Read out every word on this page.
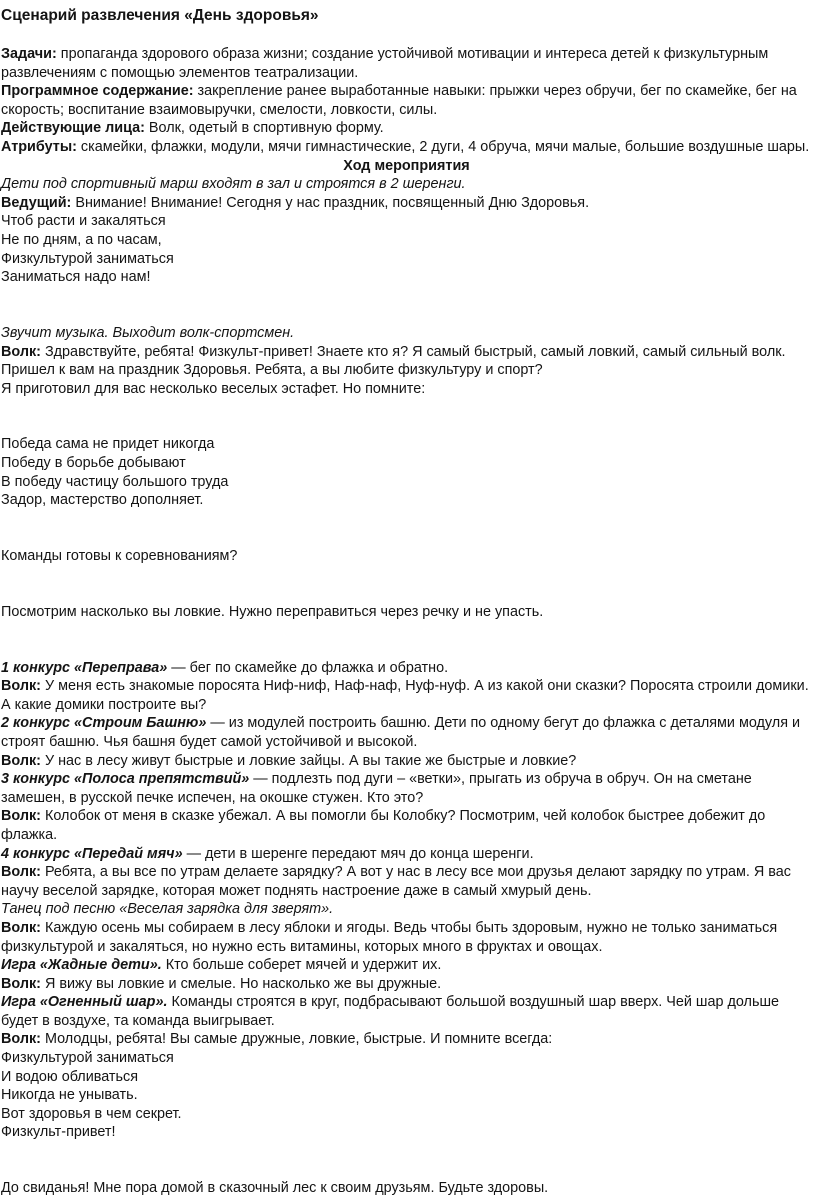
Сценарий развлечения «День здоровья»

Задачи: пропаганда здорового образа жизни; создание устойчивой мотивации и интереса детей к физкультурным развлечениям с помощью элементов театрализации.

Программное содержание: закрепление ранее выработанные навыки: прыжки через обручи, бег по скамейке, бег на скорость; воспитание взаимовыручки, смелости, ловкости, силы.

Действующие лица: Волк, одетый в спортивную форму.

Атрибуты: скамейки, флажки, модули, мячи гимнастические, 2 дуги, 4 обруча, мячи малые, большие воздушные шары.

Ход мероприятия

Дети под спортивный марш входят в зал и строятся в 2 шеренги.

Ведущий: Внимание! Внимание! Сегодня у нас праздник, посвященный Дню Здоровья.

Чтоб расти и закаляться

Не по дням, а по часам,

Физкультурой заниматься

Заниматься надо нам!

Звучит музыка. Выходит волк-спортсмен.

Волк: Здравствуйте, ребята! Физкульт-привет! Знаете кто я? Я самый быстрый, самый ловкий, самый сильный волк. Пришел к вам на праздник Здоровья. Ребята, а вы любите физкультуру и спорт?

Я приготовил для вас несколько веселых эстафет. Но помните:

Победа сама не придет никогда

Победу в борьбе добывают

В победу частицу большого труда

Задор, мастерство дополняет.

Команды готовы к соревнованиям?

Посмотрим насколько вы ловкие. Нужно переправиться через речку и не упасть.

1 конкурс «Переправа» — бег по скамейке до флажка и обратно.

Волк: У меня есть знакомые поросята Ниф-ниф, Наф-наф, Нуф-нуф. А из какой они сказки? Поросята строили домики. А какие домики построите вы?

2 конкурс «Строим Башню» — из модулей построить башню. Дети по одному бегут до флажка с деталями модуля и строят башню. Чья башня будет самой устойчивой и высокой.

Волк: У нас в лесу живут быстрые и ловкие зайцы. А вы такие же быстрые и ловкие?

3 конкурс «Полоса препятствий» — подлезть под дуги – «ветки», прыгать из обруча в обруч. Он на сметане замешен, в русской печке испечен, на окошке стужен. Кто это?

Волк: Колобок от меня в сказке убежал. А вы помогли бы Колобку? Посмотрим, чей колобок быстрее добежит до флажка.

4 конкурс «Передай мяч» — дети в шеренге передают мяч до конца шеренги.

Волк: Ребята, а вы все по утрам делаете зарядку? А вот у нас в лесу все мои друзья делают зарядку по утрам. Я вас научу веселой зарядке, которая может поднять настроение даже в самый хмурый день.

Танец под песню «Веселая зарядка для зверят».

Волк: Каждую осень мы собираем в лесу яблоки и ягоды. Ведь чтобы быть здоровым, нужно не только заниматься физкультурой и закаляться, но нужно есть витамины, которых много в фруктах и овощах.

Игра «Жадные дети». Кто больше соберет мячей и удержит их.

Волк: Я вижу вы ловкие и смелые. Но насколько же вы дружные.

Игра «Огненный шар». Команды строятся в круг, подбрасывают большой воздушный шар вверх. Чей шар дольше будет в воздухе, та команда выигрывает.

Волк: Молодцы, ребята! Вы самые дружные, ловкие, быстрые. И помните всегда:

Физкультурой заниматься

И водою обливаться

Никогда не унывать.

Вот здоровья в чем секрет.

Физкульт-привет!

До свиданья! Мне пора домой в сказочный лес к своим друзьям. Будьте здоровы.
